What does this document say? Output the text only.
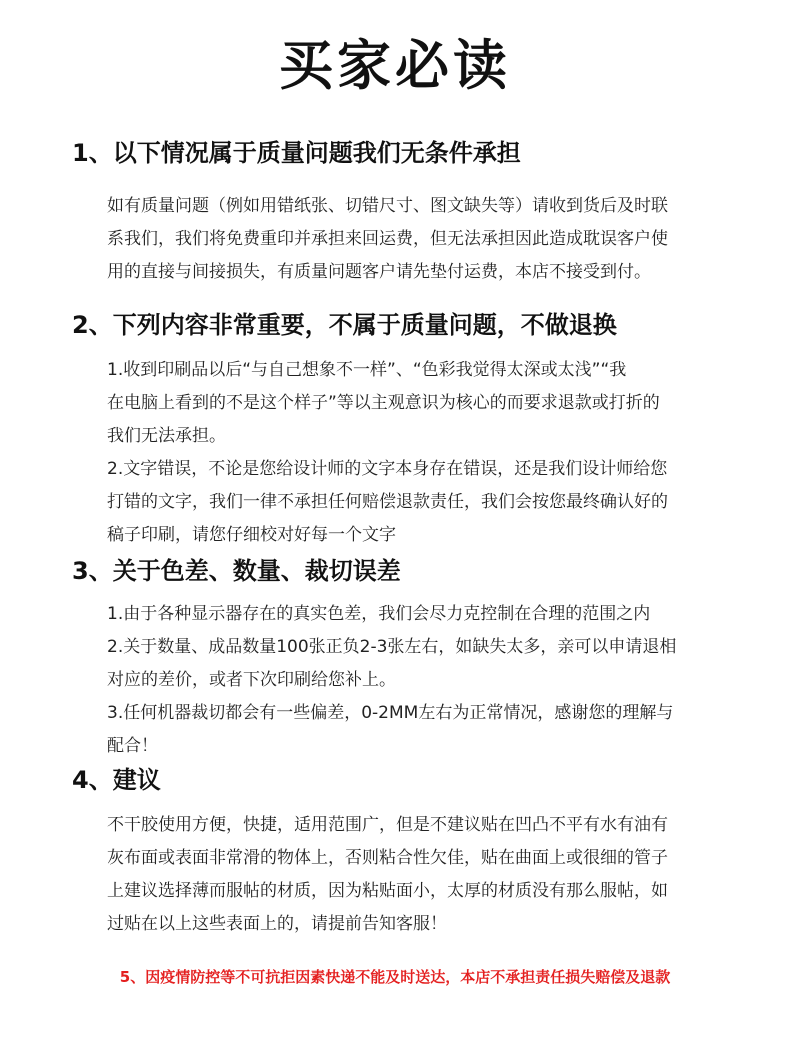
买家必读
1、以下情况属于质量问题我们无条件承担

如有质量问题（例如用错纸张、切错尺寸、图文缺失等）请收到货后及时联

系我们，我们将免费重印并承担来回运费，但无法承担因此造成耽误客户使

用的直接与间接损失，有质量问题客户请先垫付运费，本店不接受到付。

2、下列内容非常重要，不属于质量问题，不做退换

1.收到印刷品以后“与自己想象不一样”、“色彩我觉得太深或太浅”“我

在电脑上看到的不是这个样子”等以主观意识为核心的而要求退款或打折的

我们无法承担。

2.文字错误，不论是您给设计师的文字本身存在错误，还是我们设计师给您

打错的文字，我们一律不承担任何赔偿退款责任，我们会按您最终确认好的

稿子印刷，请您仔细校对好每一个文字

3、关于色差、数量、裁切误差

1.由于各种显示器存在的真实色差，我们会尽力克控制在合理的范围之内

2.关于数量、成品数量100张正负2-3张左右，如缺失太多，亲可以申请退相

对应的差价，或者下次印刷给您补上。

3.任何机器裁切都会有一些偏差，0-2MM左右为正常情况，感谢您的理解与

配合！

4、建议

不干胶使用方便，快捷，适用范围广，但是不建议贴在凹凸不平有水有油有

灰布面或表面非常滑的物体上，否则粘合性欠佳，贴在曲面上或很细的管子

上建议选择薄而服帖的材质，因为粘贴面小，太厚的材质没有那么服帖，如

过贴在以上这些表面上的，请提前告知客服！

5、因疫情防控等不可抗拒因素快递不能及时送达，本店不承担责任损失赔偿及退款
